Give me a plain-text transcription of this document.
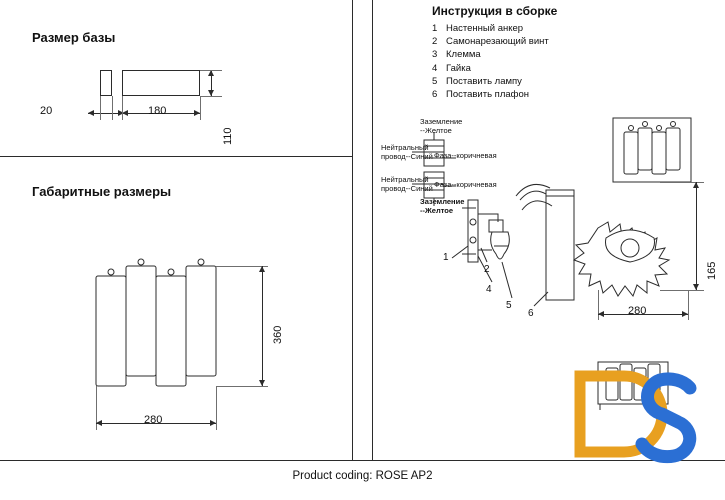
Размер базы
20	180
110
Габаритные размеры
360
280
Инструкция в сборке
1 Настенный анкер
2 Самонарезающий винт
3 Клемма
4 Гайка
5 Поставить лампу
6 Поставить плафон
Заземление
--Желтое
Нейтральный
провод--Синий Фаза--коричневая
Нейтральный
провод--Синий Фаза--коричневая
Заземление
--Желтое
1
2
4
5
6
165
280
Product coding: ROSE AP2
